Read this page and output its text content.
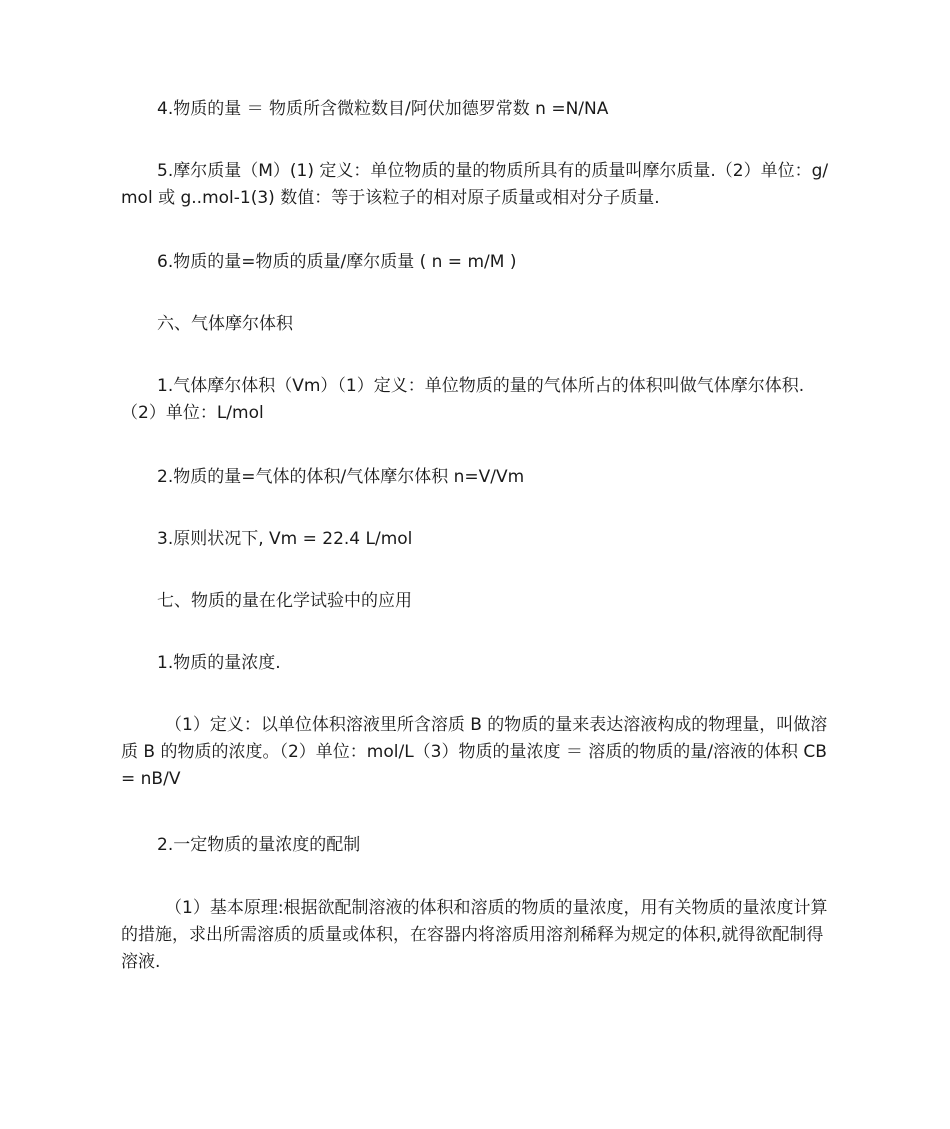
4.物质的量 ＝ 物质所含微粒数目/阿伏加德罗常数 n =N/NA

5.摩尔质量（M）(1) 定义：单位物质的量的物质所具有的质量叫摩尔质量.（2）单位：g/mol 或 g..mol-1(3) 数值：等于该粒子的相对原子质量或相对分子质量.

6.物质的量=物质的质量/摩尔质量 ( n = m/M )

六、气体摩尔体积

1.气体摩尔体积（Vm）（1）定义：单位物质的量的气体所占的体积叫做气体摩尔体积.（2）单位：L/mol

2.物质的量=气体的体积/气体摩尔体积 n=V/Vm

3.原则状况下, Vm = 22.4 L/mol

七、物质的量在化学试验中的应用

1.物质的量浓度.

（1）定义：以单位体积溶液里所含溶质 B 的物质的量来表达溶液构成的物理量，叫做溶质 B 的物质的浓度。（2）单位：mol/L（3）物质的量浓度 ＝ 溶质的物质的量/溶液的体积 CB = nB/V

2.一定物质的量浓度的配制

（1）基本原理:根据欲配制溶液的体积和溶质的物质的量浓度，用有关物质的量浓度计算的措施，求出所需溶质的质量或体积，在容器内将溶质用溶剂稀释为规定的体积,就得欲配制得溶液.
